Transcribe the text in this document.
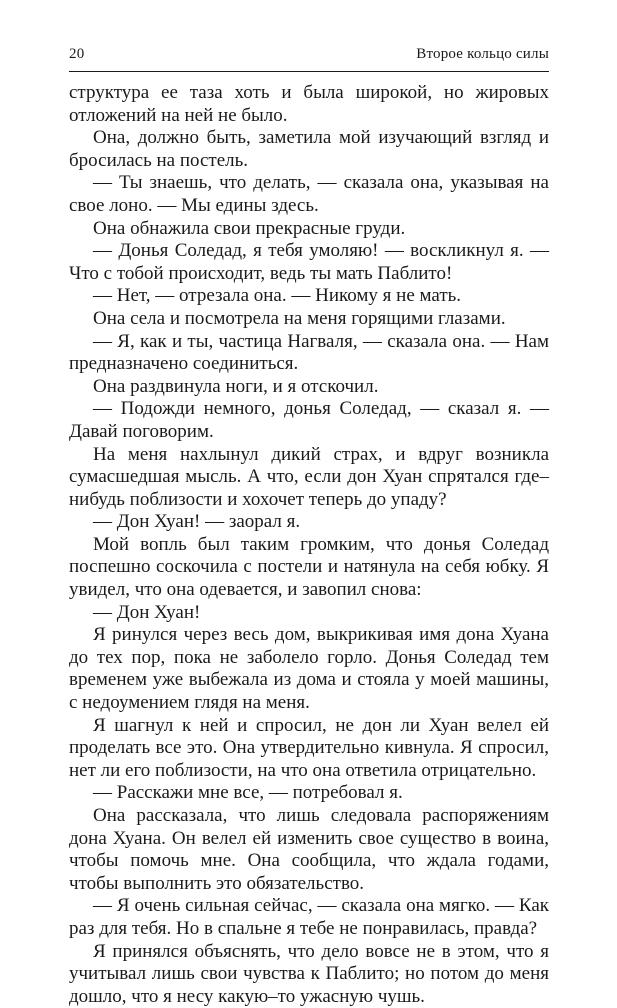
20	Второе кольцо силы

структура ее таза хоть и была широкой, но жировых отложений на ней не было.

Она, должно быть, заметила мой изучающий взгляд и бросилась на постель.

— Ты знаешь, что делать, — сказала она, указывая на свое лоно. — Мы едины здесь.

Она обнажила свои прекрасные груди.

— Донья Соледад, я тебя умоляю! — воскликнул я. — Что с тобой происходит, ведь ты мать Паблито!

— Нет, — отрезала она. — Никому я не мать.

Она села и посмотрела на меня горящими глазами.

— Я, как и ты, частица Нагваля, — сказала она. — Нам предназначено соединиться.

Она раздвинула ноги, и я отскочил.

— Подожди немного, донья Соледад, — сказал я. — Давай поговорим.

На меня нахлынул дикий страх, и вдруг возникла сумасшедшая мысль. А что, если дон Хуан спрятался где–нибудь поблизости и хохочет теперь до упаду?

— Дон Хуан! — заорал я.

Мой вопль был таким громким, что донья Соледад поспешно соскочила с постели и натянула на себя юбку. Я увидел, что она одевается, и завопил снова:

— Дон Хуан!

Я ринулся через весь дом, выкрикивая имя дона Хуана до тех пор, пока не заболело горло. Донья Соледад тем временем уже выбежала из дома и стояла у моей машины, с недоумением глядя на меня.

Я шагнул к ней и спросил, не дон ли Хуан велел ей проделать все это. Она утвердительно кивнула. Я спросил, нет ли его поблизости, на что она ответила отрицательно.

— Расскажи мне все, — потребовал я.

Она рассказала, что лишь следовала распоряжениям дона Хуана. Он велел ей изменить свое существо в воина, чтобы помочь мне. Она сообщила, что ждала годами, чтобы выполнить это обязательство.

— Я очень сильная сейчас, — сказала она мягко. — Как раз для тебя. Но в спальне я тебе не понравилась, правда?

Я принялся объяснять, что дело вовсе не в этом, что я учитывал лишь свои чувства к Паблито; но потом до меня дошло, что я несу какую–то ужасную чушь.
